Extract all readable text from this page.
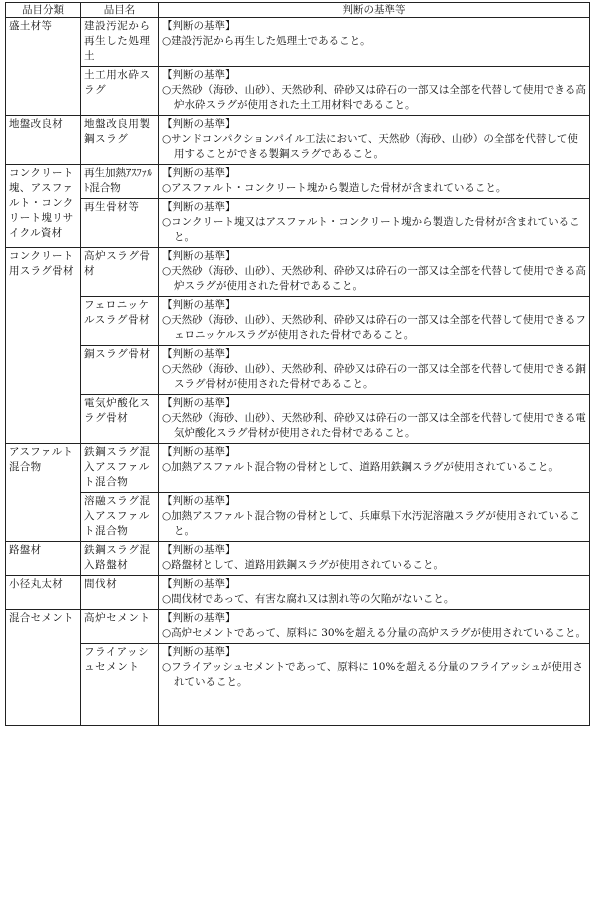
品目分類	品目名	判断の基準等
盛土材等	建設汚泥から再生した処理土	【判断の基準】
○建設汚泥から再生した処理土であること。

	土工用水砕スラグ	【判断の基準】
○天然砂（海砂、山砂）、天然砂利、砕砂又は砕石の一部又は全部を代替して使用できる高炉水砕スラグが使用された土工用材料であること。

地盤改良材	地盤改良用製鋼スラグ	【判断の基準】
○サンドコンパクションパイル工法において、天然砂（海砂、山砂）の全部を代替して使用することができる製鋼スラグであること。

コンクリート塊、アスファルト・コンクリート塊リサイクル資材	再生加熱ｱｽﾌｧﾙﾄ混合物	【判断の基準】
○アスファルト・コンクリート塊から製造した骨材が含まれていること。

	再生骨材等	【判断の基準】
○コンクリート塊又はアスファルト・コンクリート塊から製造した骨材が含まれていること。

コンクリート用スラグ骨材	高炉スラグ骨材	【判断の基準】
○天然砂（海砂、山砂）、天然砂利、砕砂又は砕石の一部又は全部を代替して使用できる高炉スラグが使用された骨材であること。

	フェロニッケルスラグ骨材	【判断の基準】
○天然砂（海砂、山砂）、天然砂利、砕砂又は砕石の一部又は全部を代替して使用できるフェロニッケルスラグが使用された骨材であること。

	銅スラグ骨材	【判断の基準】
○天然砂（海砂、山砂）、天然砂利、砕砂又は砕石の一部又は全部を代替して使用できる銅スラグ骨材が使用された骨材であること。

	電気炉酸化スラグ骨材	【判断の基準】
○天然砂（海砂、山砂）、天然砂利、砕砂又は砕石の一部又は全部を代替して使用できる電気炉酸化スラグ骨材が使用された骨材であること。

アスファルト混合物	鉄鋼スラグ混入アスファルト混合物	【判断の基準】
○加熱アスファルト混合物の骨材として、道路用鉄鋼スラグが使用されていること。

	溶融スラグ混入アスファルト混合物	【判断の基準】
○加熱アスファルト混合物の骨材として、兵庫県下水汚泥溶融スラグが使用されていること。

路盤材	鉄鋼スラグ混入路盤材	【判断の基準】
○路盤材として、道路用鉄鋼スラグが使用されていること。

小径丸太材	間伐材	【判断の基準】
○間伐材であって、有害な腐れ又は割れ等の欠陥がないこと。

混合セメント	高炉セメント	【判断の基準】
○高炉セメントであって、原料に 30%を超える分量の高炉スラグが使用されていること。

	フライアッシュセメント	【判断の基準】
○フライアッシュセメントであって、原料に 10%を超える分量のフライアッシュが使用されていること。
